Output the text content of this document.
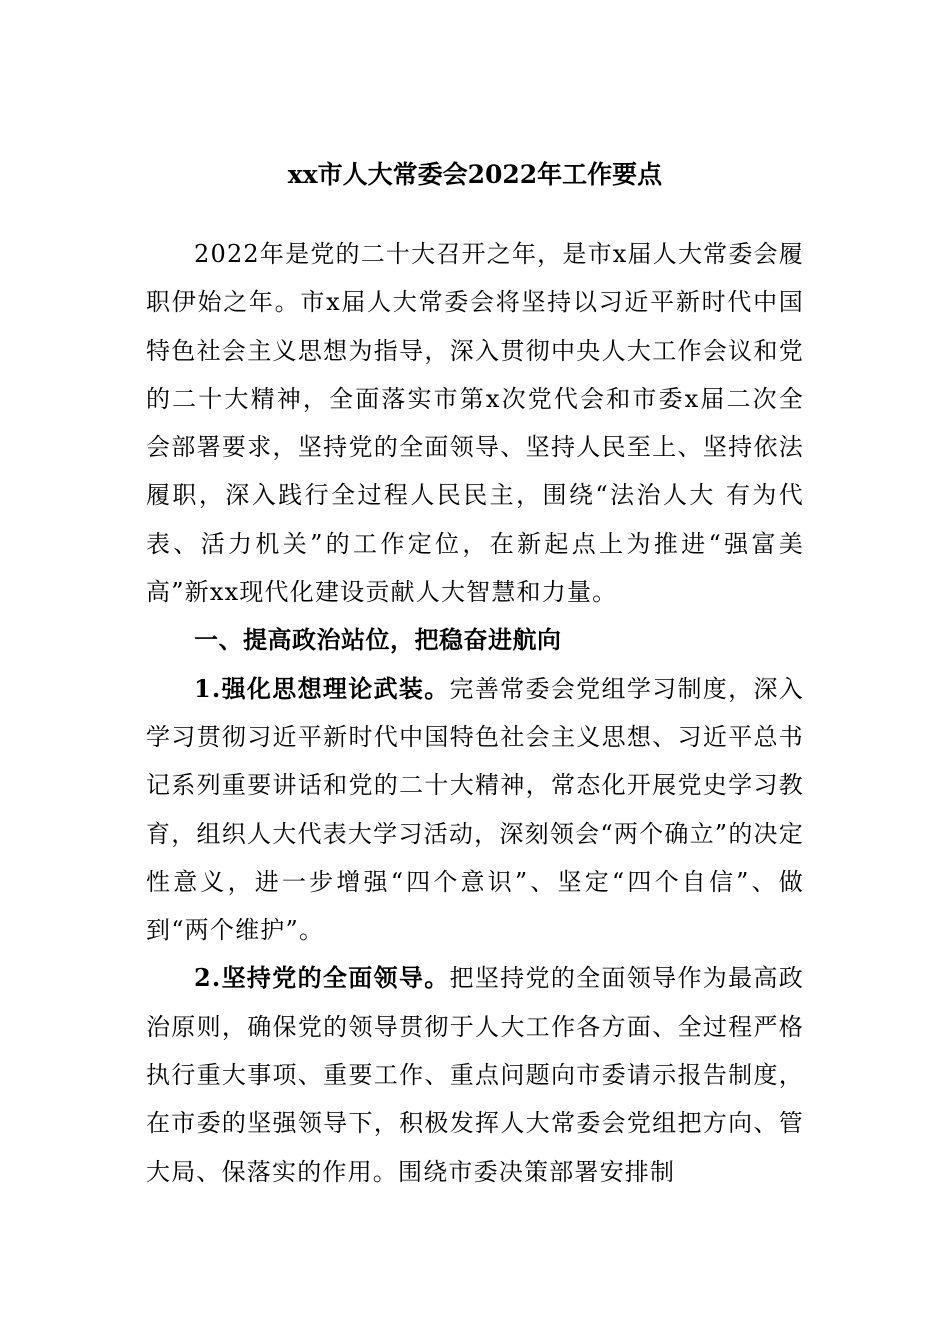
xx市人大常委会2022年工作要点

2022年是党的二十大召开之年，是市x届人大常委会履职伊始之年。市x届人大常委会将坚持以习近平新时代中国特色社会主义思想为指导，深入贯彻中央人大工作会议和党的二十大精神，全面落实市第x次党代会和市委x届二次全会部署要求，坚持党的全面领导、坚持人民至上、坚持依法履职，深入践行全过程人民民主，围绕“法治人大 有为代表、活力机关”的工作定位，在新起点上为推进“强富美高”新xx现代化建设贡献人大智慧和力量。

一、提高政治站位，把稳奋进航向

1.强化思想理论武装。完善常委会党组学习制度，深入学习贯彻习近平新时代中国特色社会主义思想、习近平总书记系列重要讲话和党的二十大精神，常态化开展党史学习教育，组织人大代表大学习活动，深刻领会“两个确立”的决定性意义，进一步增强“四个意识”、坚定“四个自信”、做到“两个维护”。

2.坚持党的全面领导。把坚持党的全面领导作为最高政治原则，确保党的领导贯彻于人大工作各方面、全过程严格执行重大事项、重要工作、重点问题向市委请示报告制度，在市委的坚强领导下，积极发挥人大常委会党组把方向、管大局、保落实的作用。围绕市委决策部署安排制
